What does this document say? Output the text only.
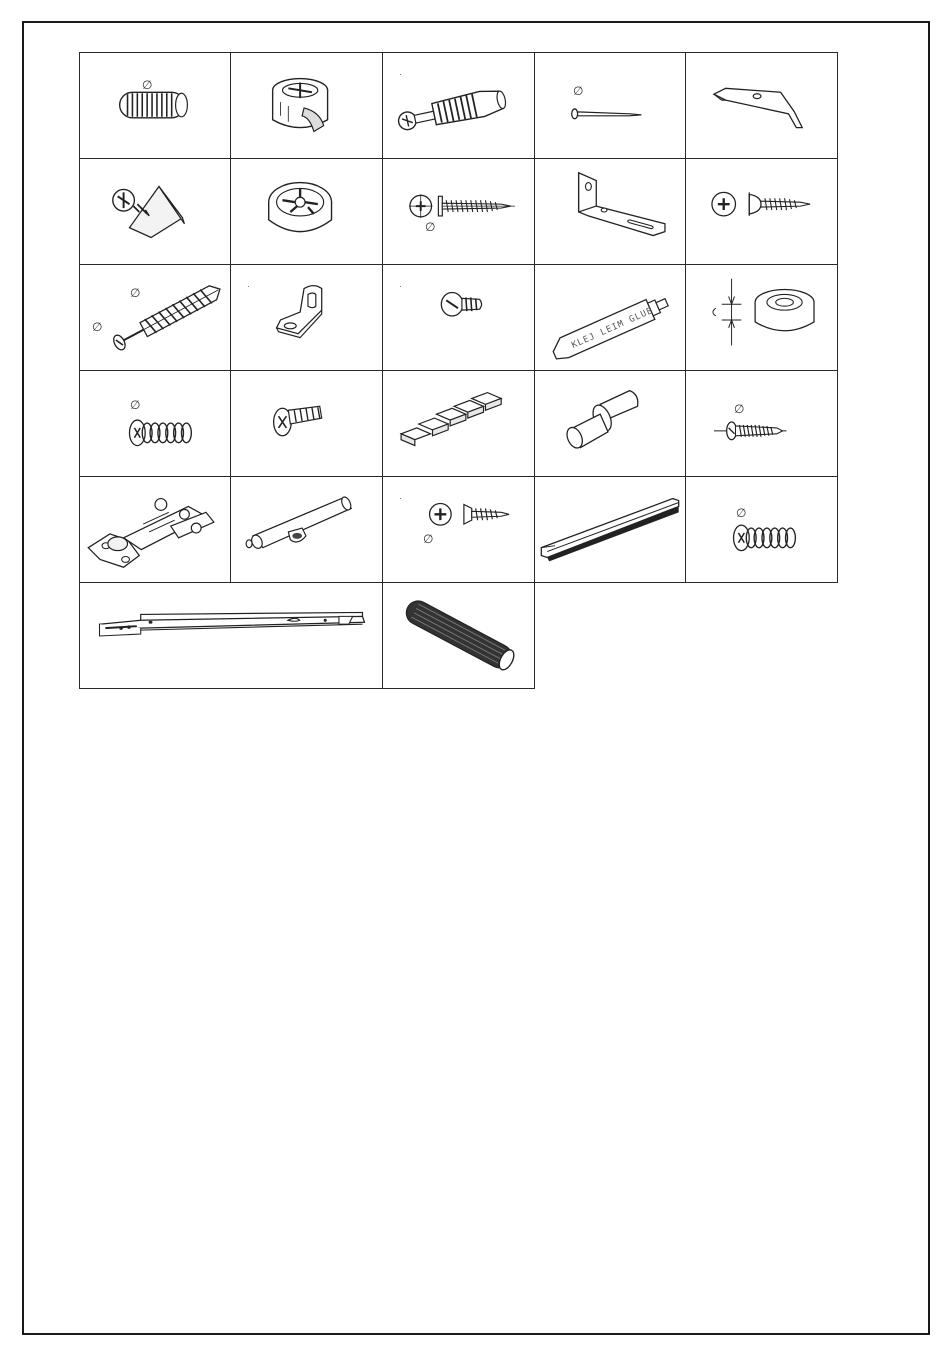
∅
·
∅
∅
∅
∅
·	·
KLEJ LEIM GLUE
∅	∅
·
∅
∅
